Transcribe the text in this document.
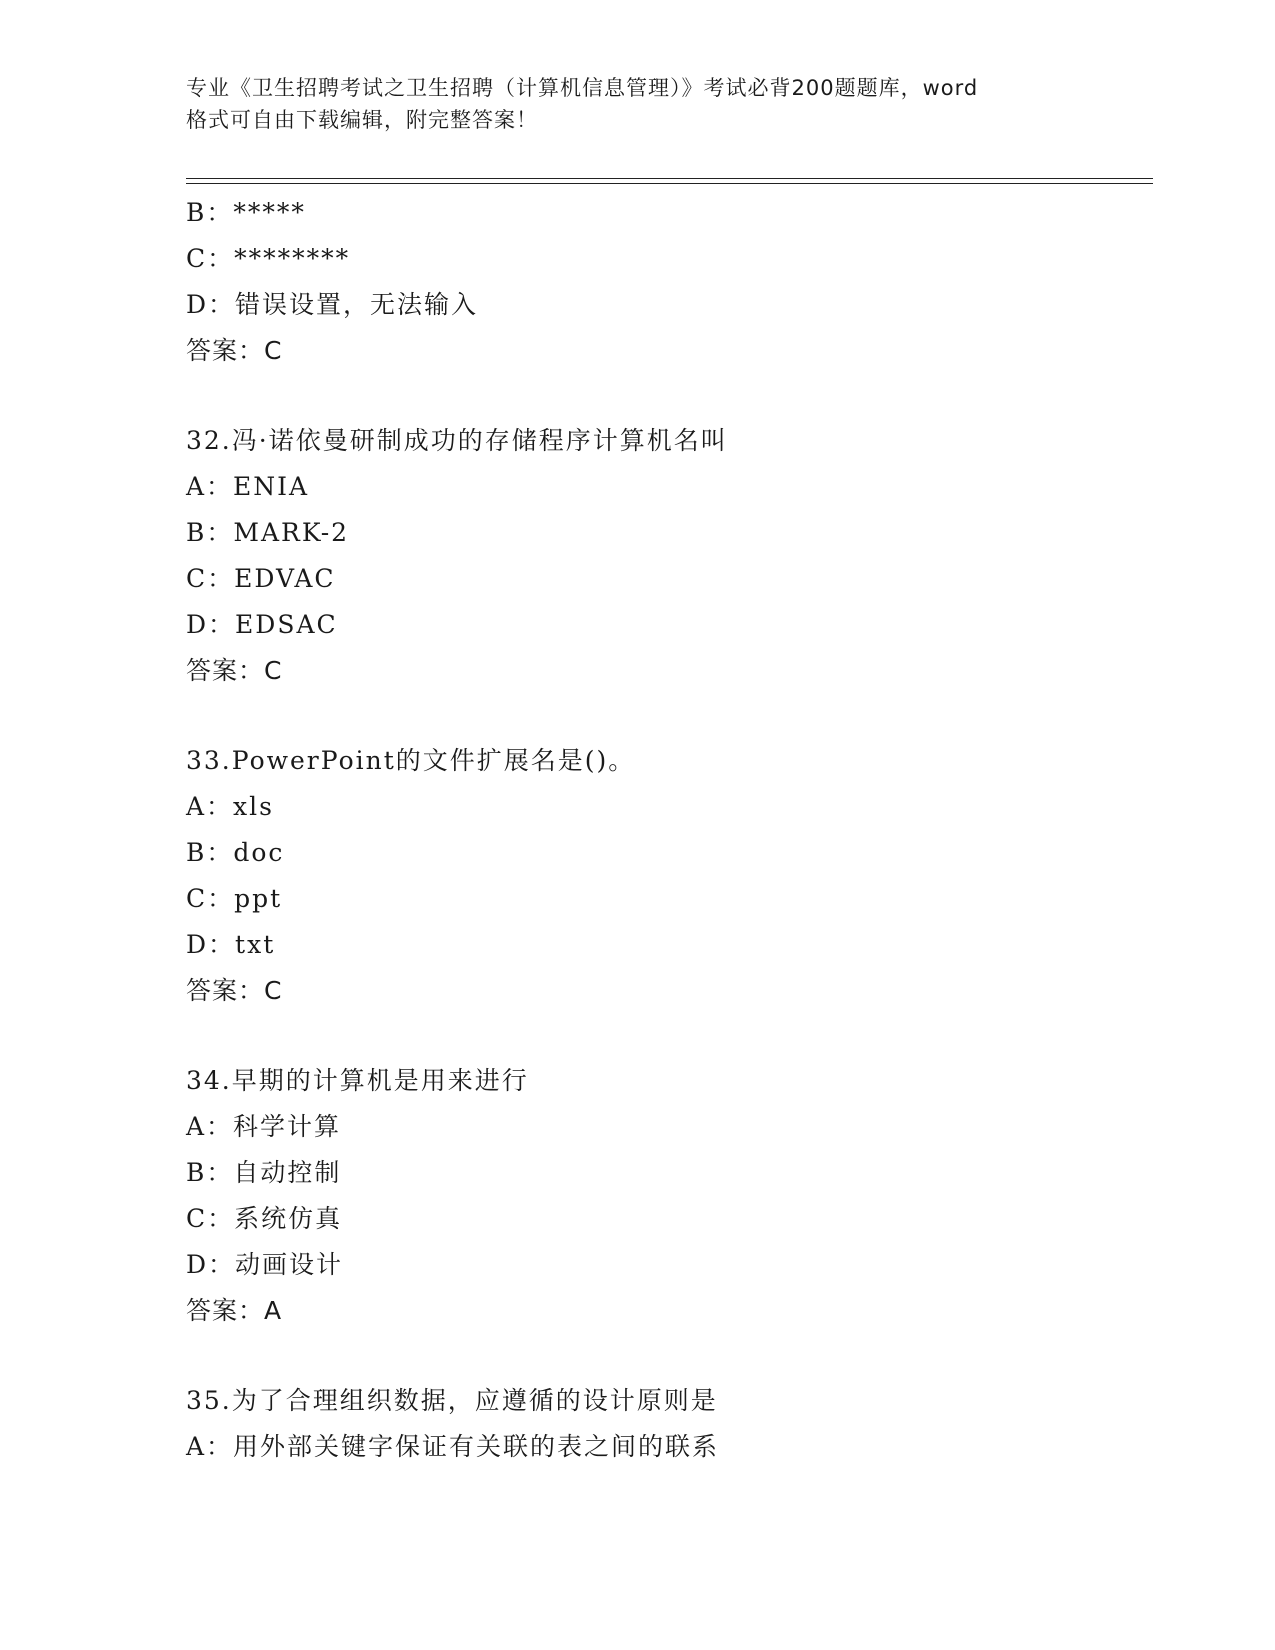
专业《卫生招聘考试之卫生招聘（计算机信息管理）》考试必背200题题库，word
格式可自由下载编辑，附完整答案！
B：*****
C：********
D：错误设置，无法输入
答案：C
32.冯·诺依曼研制成功的存储程序计算机名叫
A：ENIA
B：MARK-2
C：EDVAC
D：EDSAC
答案：C
33.PowerPoint的文件扩展名是()。
A：xls
B：doc
C：ppt
D：txt
答案：C
34.早期的计算机是用来进行
A：科学计算
B：自动控制
C：系统仿真
D：动画设计
答案：A
35.为了合理组织数据，应遵循的设计原则是
A：用外部关键字保证有关联的表之间的联系
